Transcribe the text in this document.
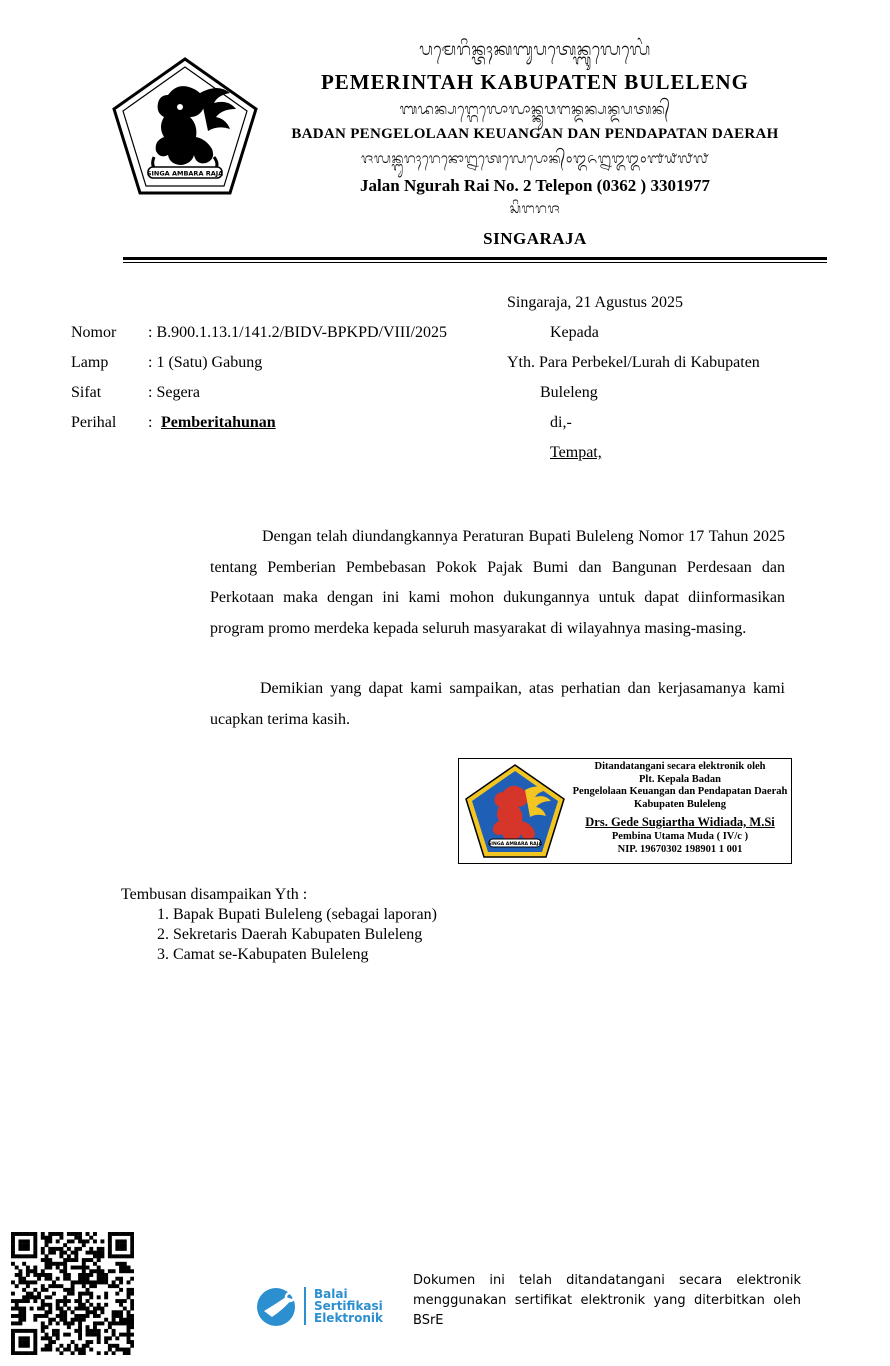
SINGA AMBARA RAJA
ᬧᬫᬾᬭᬶᬦ᭄ᬢᬄᬓᬩᬸᬧᬢᬾᬦ᭄ᬩᬸᬮᬾᬮᬾᬂ
PEMERINTAH KABUPATEN BULELENG
ᬩᬤᬦ᭄ᬧᬗ᭄ᬕᬾᬮᭀᬮᬵᬦ᭄ᬓᬸᬯᬗᬦ᭄ᬤᬦ᭄ᬧᬦ᭄ᬤᬧᬢᬦ᭄
BADAN PENGELOLAAN KEUANGAN DAN PENDAPATAN DAERAH
ᬚᬮᬦ᭄ᬗᬸᬭᬄᬭᬾᬦᭀ᭒ᬢᬾᬮᬾᬧᭀᬦ᭄᭐᭓᭖᭒᭓᭓᭐᭑᭙᭗᭗
Jalan Ngurah Rai No. 2 Telepon (0362 ) 3301977
ᬲᬶᬗᬭᬚ
SINGARAJA
Singaraja, 21 Agustus 2025
Nomor	: B.900.1.13.1/141.2/BIDV-BPKPD/VIII/2025
Lamp	: 1 (Satu) Gabung
Sifat	: Segera
Perihal	: Pemberitahunan
Kepada
Yth. Para Perbekel/Lurah di Kabupaten
Buleleng
di,-
Tempat,
Dengan telah diundangkannya Peraturan Bupati Buleleng Nomor 17 Tahun 2025 tentang Pemberian Pembebasan Pokok Pajak Bumi dan Bangunan Perdesaan dan Perkotaan maka dengan ini kami mohon dukungannya untuk dapat diinformasikan program promo merdeka kepada seluruh masyarakat di wilayahnya masing-masing.
Demikian yang dapat kami sampaikan, atas perhatian dan kerjasamanya kami ucapkan terima kasih.
SINGA AMBARA RAJA
Ditandatangani secara elektronik oleh
Plt. Kepala Badan
Pengelolaan Keuangan dan Pendapatan Daerah
Kabupaten Buleleng
Drs. Gede Sugiartha Widiada, M.Si
Pembina Utama Muda ( IV/c )
NIP. 19670302 198901 1 001
Tembusan disampaikan Yth :
1. Bapak Bupati Buleleng (sebagai laporan)
2. Sekretaris Daerah Kabupaten Buleleng
3. Camat se-Kabupaten Buleleng
Balai
Sertifikasi
Elektronik
Dokumen ini telah ditandatangani secara elektronik menggunakan sertifikat elektronik yang diterbitkan oleh BSrE
